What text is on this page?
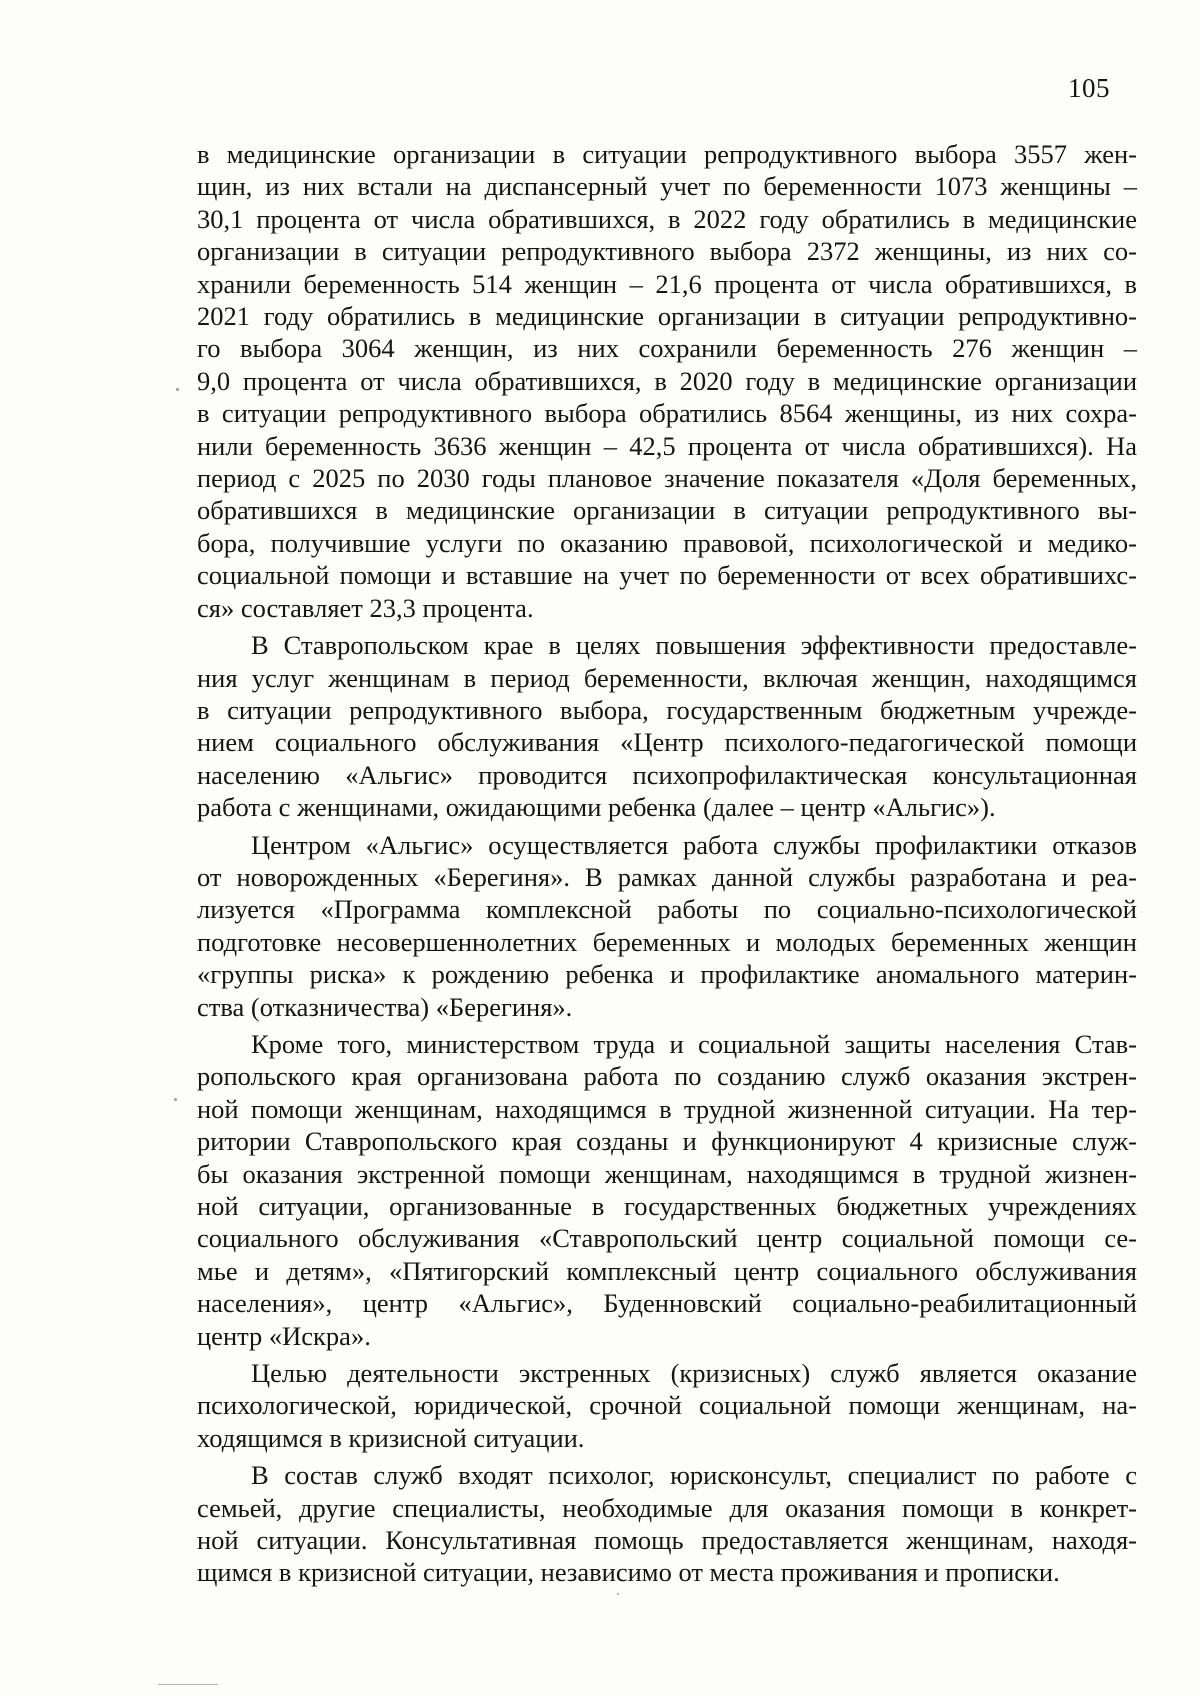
105

в медицинские организации в ситуации репродуктивного выбора 3557 жен-
щин, из них встали на диспансерный учет по беременности 1073 женщины –
30,1 процента от числа обратившихся, в 2022 году обратились в медицинские
организации в ситуации репродуктивного выбора 2372 женщины, из них со-
хранили беременность 514 женщин – 21,6 процента от числа обратившихся, в
2021 году обратились в медицинские организации в ситуации репродуктивно-
го выбора 3064 женщин, из них сохранили беременность 276 женщин –
9,0 процента от числа обратившихся, в 2020 году в медицинские организации
в ситуации репродуктивного выбора обратились 8564 женщины, из них сохра-
нили беременность 3636 женщин – 42,5 процента от числа обратившихся). На
период с 2025 по 2030 годы плановое значение показателя «Доля беременных,
обратившихся в медицинские организации в ситуации репродуктивного вы-
бора, получившие услуги по оказанию правовой, психологической и медико-
социальной помощи и вставшие на учет по беременности от всех обратившихс-
ся» составляет 23,3 процента.

В Ставропольском крае в целях повышения эффективности предоставле-
ния услуг женщинам в период беременности, включая женщин, находящимся
в ситуации репродуктивного выбора, государственным бюджетным учрежде-
нием социального обслуживания «Центр психолого-педагогической помощи
населению «Альгис» проводится психопрофилактическая консультационная
работа с женщинами, ожидающими ребенка (далее – центр «Альгис»).

Центром «Альгис» осуществляется работа службы профилактики отказов
от новорожденных «Берегиня». В рамках данной службы разработана и реа-
лизуется «Программа комплексной работы по социально-психологической
подготовке несовершеннолетних беременных и молодых беременных женщин
«группы риска» к рождению ребенка и профилактике аномального материн-
ства (отказничества) «Берегиня».

Кроме того, министерством труда и социальной защиты населения Став-
ропольского края организована работа по созданию служб оказания экстрен-
ной помощи женщинам, находящимся в трудной жизненной ситуации. На тер-
ритории Ставропольского края созданы и функционируют 4 кризисные служ-
бы оказания экстренной помощи женщинам, находящимся в трудной жизнен-
ной ситуации, организованные в государственных бюджетных учреждениях
социального обслуживания «Ставропольский центр социальной помощи се-
мье и детям», «Пятигорский комплексный центр социального обслуживания
населения», центр «Альгис», Буденновский социально-реабилитационный
центр «Искра».

Целью деятельности экстренных (кризисных) служб является оказание
психологической, юридической, срочной социальной помощи женщинам, на-
ходящимся в кризисной ситуации.

В состав служб входят психолог, юрисконсульт, специалист по работе с
семьей, другие специалисты, необходимые для оказания помощи в конкрет-
ной ситуации. Консультативная помощь предоставляется женщинам, находя-
щимся в кризисной ситуации, независимо от места проживания и прописки.
